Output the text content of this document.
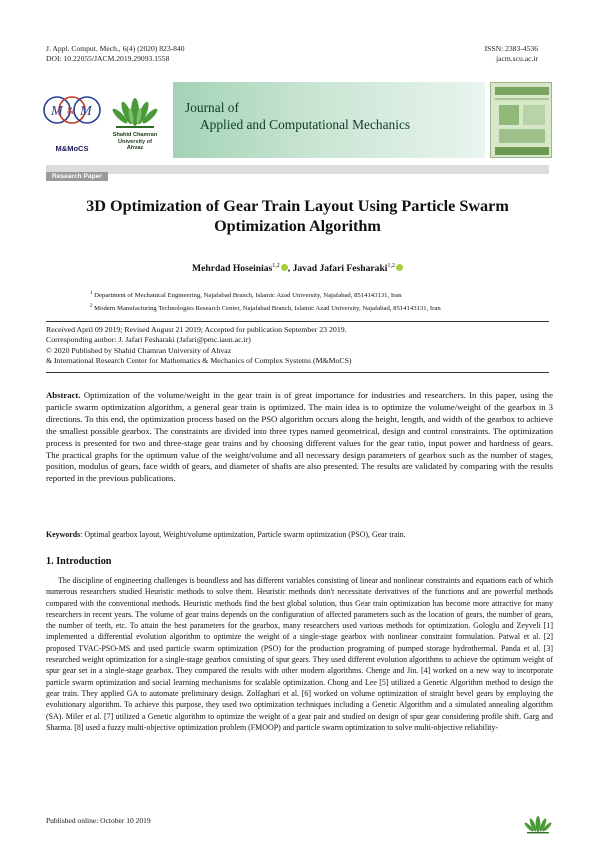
J. Appl. Comput. Mech., 6(4) (2020) 823-840
DOI: 10.22055/JACM.2019.29093.1558
ISSN: 2383-4536
jacm.scu.ac.ir
M & M
M&MoCS
Shahid Chamran
University of Ahvaz
Journal of
Applied and Computational Mechanics
Research Paper
3D Optimization of Gear Train Layout Using Particle Swarm
Optimization Algorithm
Mehrdad Hoseinias$^{1,2}$ , Javad Jafari Fesharaki$^{1,2}$
$^1$ Department of Mechanical Engineering, Najafabad Branch, Islamic Azad University, Najafabad, 8514143131, Iran
$^2$ Modern Manufacturing Technologies Research Center, Najafabad Branch, Islamic Azad University, Najafabad, 8514143131, Iran
Received April 09 2019; Revised August 21 2019; Accepted for publication September 23 2019.
Corresponding author: J. Jafari Fesharaki (Jafari@pmc.iaun.ac.ir)
© 2020 Published by Shahid Chamran University of Ahvaz
& International Research Center for Mathematics & Mechanics of Complex Systems (M&MoCS)
Abstract. Optimization of the volume/weight in the gear train is of great importance for industries and researchers. In this paper, using the particle swarm optimization algorithm, a general gear train is optimized. The main idea is to optimize the volume/weight of the gearbox in 3 directions. To this end, the optimization process based on the PSO algorithm occurs along the height, length, and width of the gearbox to achieve the smallest possible gearbox. The constraints are divided into three types named geometrical, design and control constraints. The optimization process is presented for two and three-stage gear trains and by choosing different values for the gear ratio, input power and hardness of gears. The practical graphs for the optimum value of the weight/volume and all necessary design parameters of gearbox such as the number of stages, position, modulus of gears, face width of gears, and diameter of shafts are also presented. The results are validated by comparing with the results reported in the previous publications.
Keywords: Optimal gearbox layout, Weight/volume optimization, Particle swarm optimization (PSO), Gear train.
1. Introduction
The discipline of engineering challenges is boundless and has different variables consisting of linear and nonlinear constraints and equations each of which numerous researchers studied Heuristic methods to solve them. Heuristic methods don't necessitate derivatives of the functions and are powerful methods compared with the conventional methods. Heuristic methods find the best global solution, thus Gear train optimization has become more attractive for many researchers in recent years. The volume of gear trains depends on the configuration of affected parameters such as the location of gears, the number of gears, the number of teeth, etc. To attain the best parameters for the gearbox, many researchers used various methods for optimization. Gologlu and Zeyveli [1] implemented a differential evolution algorithm to optimize the weight of a single-stage gearbox with nonlinear constraint formulation. Patwal et al. [2] proposed TVAC-PSO-MS and used particle swarm optimization (PSO) for the production programing of pumped storage hydrothermal. Panda et al. [3] researched weight optimization for a single-stage gearbox consisting of spur gears. They used different evolution algorithms to achieve the optimum weight of spur gear set in a single-stage gearbox. They compared the results with other modern algorithms. Chenge and Jin. [4] worked on a new way to incorporate particle swarm optimization and social learning mechanisms for scalable optimization. Chong and Lee [5] utilized a Genetic Algorithm method to design the gear train. They applied GA to automate preliminary design. Zolfaghari et al. [6] worked on volume optimization of straight bevel gears by employing the evolutionary algorithm. To achieve this purpose, they used two optimization techniques including a Genetic Algorithm and a simulated annealing algorithm (SA). Miler et al. [7] utilized a Genetic algorithm to optimize the weight of a gear pair and studied on design of spur gear considering profile shift. Garg and Sharma. [8] used a fuzzy multi-objective optimization problem (FMOOP) and particle swarm optimization to solve multi-objective reliability-
Published online: October 10 2019
